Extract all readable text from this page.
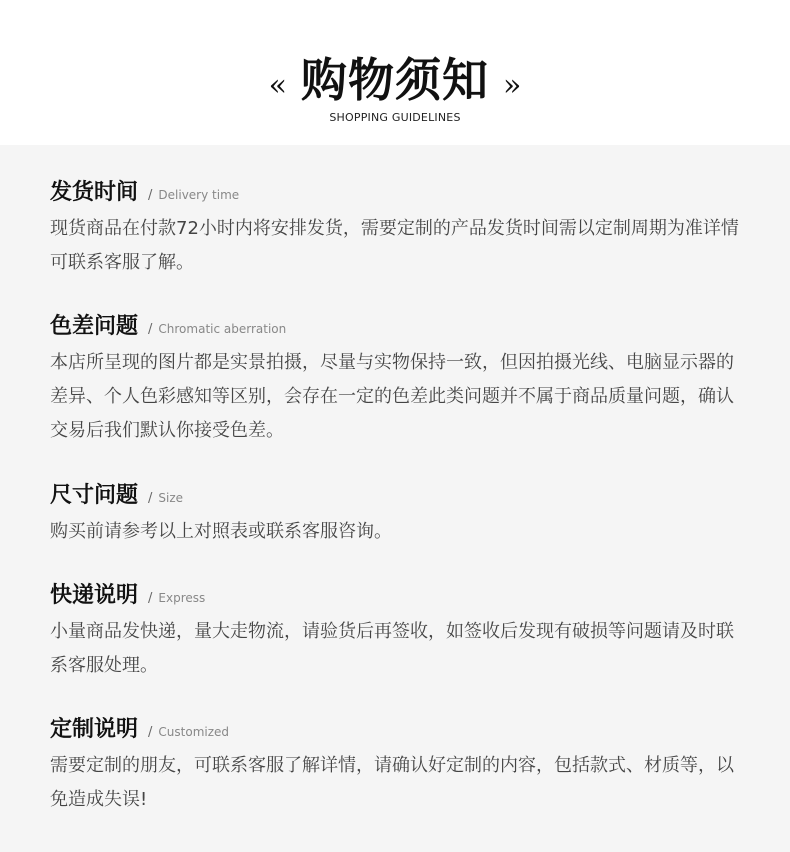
« 购物须知 »
SHOPPING GUIDELINES
发货时间 / Delivery time
现货商品在付款72小时内将安排发货，需要定制的产品发货时间需以定制周期为准详情可联系客服了解。
色差问题 / Chromatic aberration
本店所呈现的图片都是实景拍摄，尽量与实物保持一致，但因拍摄光线、电脑显示器的差异、个人色彩感知等区别，会存在一定的色差此类问题并不属于商品质量问题，确认交易后我们默认你接受色差。
尺寸问题 / Size
购买前请参考以上对照表或联系客服咨询。
快递说明 / Express
小量商品发快递，量大走物流，请验货后再签收，如签收后发现有破损等问题请及时联系客服处理。
定制说明 / Customized
需要定制的朋友，可联系客服了解详情，请确认好定制的内容，包括款式、材质等，以免造成失误!
